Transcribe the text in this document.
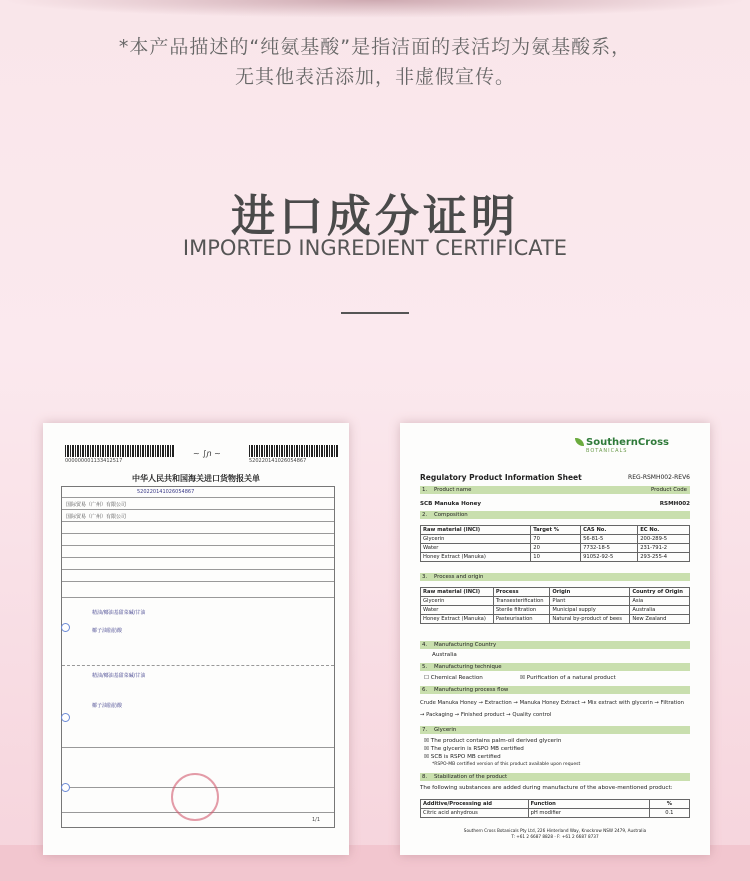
*本产品描述的“纯氨基酸”是指洁面的表活均为氨基酸系，
无其他表活添加，非虚假宣传。
进口成分证明
IMPORTED INGREDIENT CERTIFICATE
000000001133412517
~ ∫ɲ ~
520220141026054867
中华人民共和国海关进口货物报关单
520220141026054867
国际贸易（广州）有限公司
国际贸易（广州）有限公司
精油/椰油基甜菜碱/甘油
椰子油脂肪酸
精油/椰油基甜菜碱/甘油
椰子油脂肪酸
1/1
SouthernCross
BOTANICALS
Regulatory Product Information Sheet	REG-RSMH002-REV6
1. Product name	Product Code
SCB Manuka Honey	RSMH002
2. Composition
Raw material (INCI)	Target %	CAS No.	EC No.
Glycerin	70	56-81-5	200-289-5
Water	20	7732-18-5	231-791-2
Honey Extract (Manuka)	10	91052-92-5	293-255-4
3. Process and origin
Raw material (INCI)	Process	Origin	Country of Origin
Glycerin	Transesterification	Plant	Asia
Water	Sterile filtration	Municipal supply	Australia
Honey Extract (Manuka)	Pasteurisation	Natural by-product of bees	New Zealand
4. Manufacturing Country
Australia
5. Manufacturing technique
☐ Chemical Reaction	☒ Purification of a natural product
6. Manufacturing process flow
Crude Manuka Honey → Extraction → Manuka Honey Extract → Mix extract with glycerin → Filtration
→ Packaging → Finished product → Quality control
7. Glycerin
☒ The product contains palm-oil derived glycerin
☒ The glycerin is RSPO MB certified
☒ SCB is RSPO MB certified
*RSPO-MB certified version of this product available upon request
8. Stabilization of the product
The following substances are added during manufacture of the above-mentioned product:
Additive/Processing aid	Function	%
Citric acid anhydrous	pH modifier	0.1
Southern Cross Botanicals Pty Ltd, 226 Hinterland Way, Knockrow NSW 2479, Australia
T: +61 2 6687 8828 · F: +61 2 6687 8737
